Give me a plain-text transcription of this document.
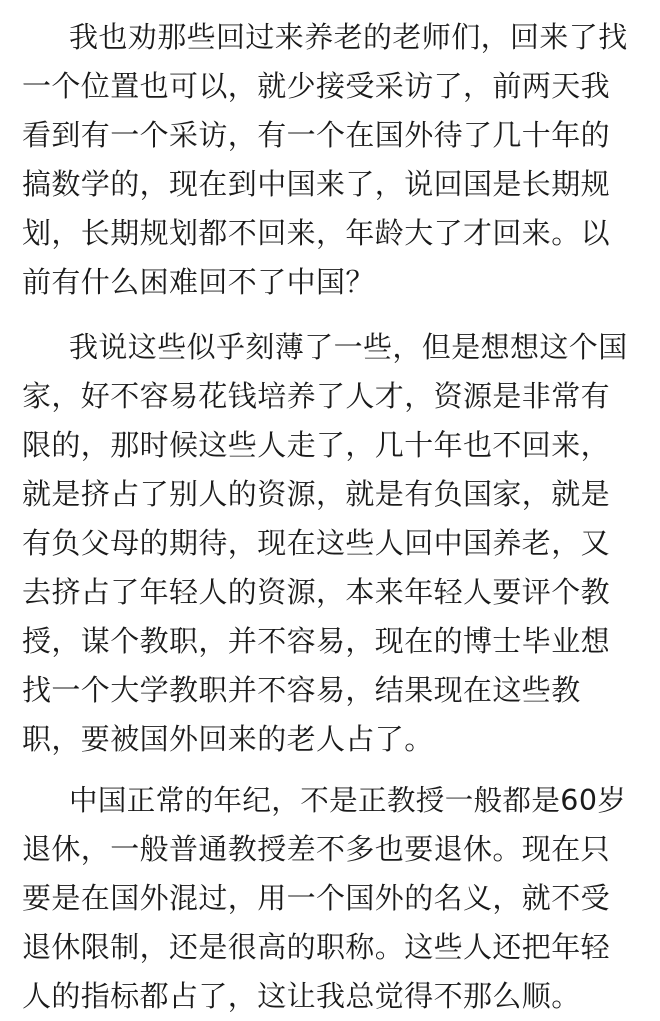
我也劝那些回过来养老的老师们，回来了找
一个位置也可以，就少接受采访了，前两天我
看到有一个采访，有一个在国外待了几十年的
搞数学的，现在到中国来了，说回国是长期规
划，长期规划都不回来，年龄大了才回来。以
前有什么困难回不了中国？
我说这些似乎刻薄了一些，但是想想这个国
家，好不容易花钱培养了人才，资源是非常有
限的，那时候这些人走了，几十年也不回来，
就是挤占了别人的资源，就是有负国家，就是
有负父母的期待，现在这些人回中国养老，又
去挤占了年轻人的资源，本来年轻人要评个教
授，谋个教职，并不容易，现在的博士毕业想
找一个大学教职并不容易，结果现在这些教
职，要被国外回来的老人占了。
中国正常的年纪，不是正教授一般都是60岁
退休，一般普通教授差不多也要退休。现在只
要是在国外混过，用一个国外的名义，就不受
退休限制，还是很高的职称。这些人还把年轻
人的指标都占了，这让我总觉得不那么顺。
